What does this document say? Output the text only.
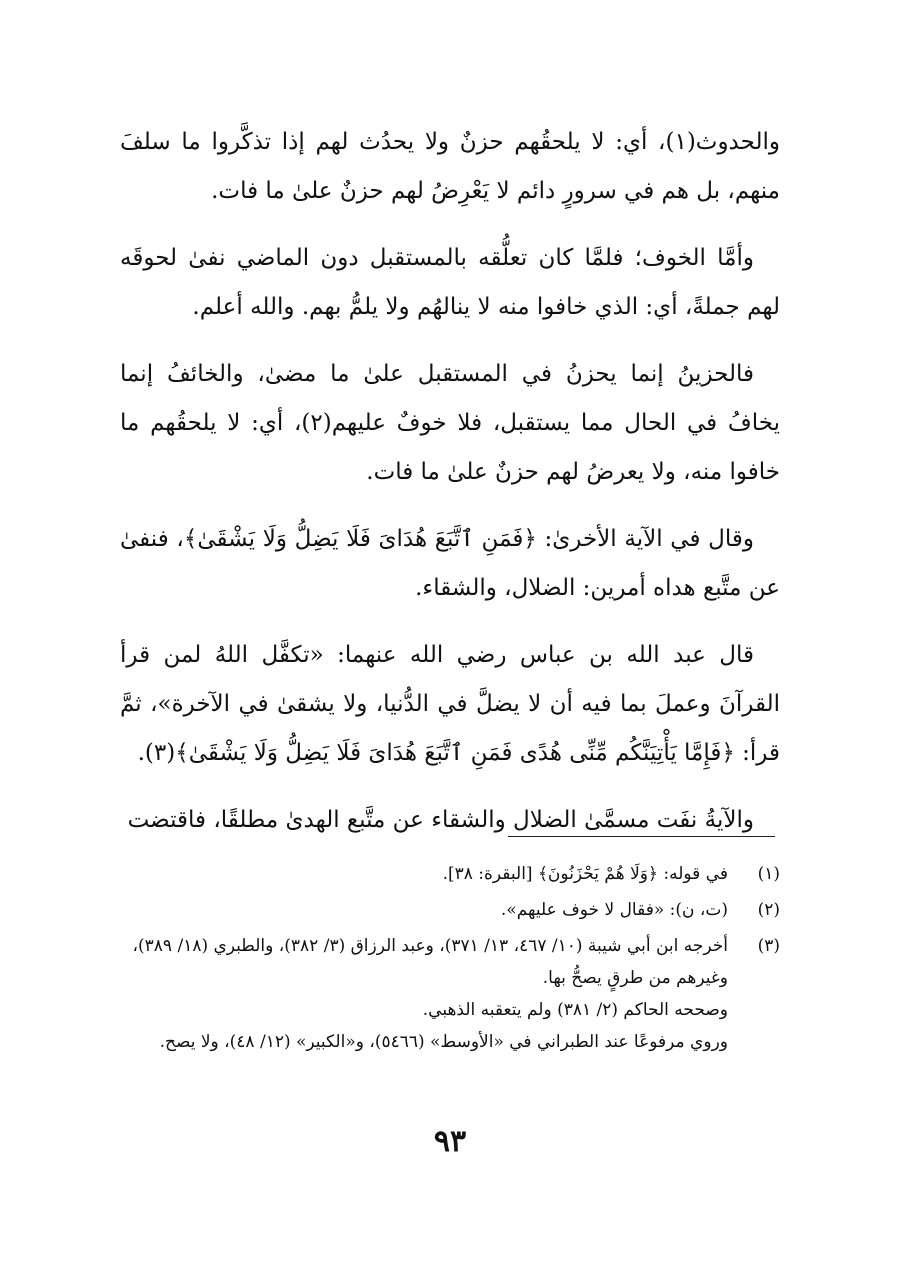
والحدوث(١)، أي: لا يلحقُهم حزنٌ ولا يحدُث لهم إذا تذكَّروا ما سلفَ منهم، بل هم في سرورٍ دائم لا يَعْرِضُ لهم حزنٌ علىٰ ما فات.

وأمَّا الخوف؛ فلمَّا كان تعلُّقه بالمستقبل دون الماضي نفىٰ لحوقَه لهم جملةً، أي: الذي خافوا منه لا ينالهُم ولا يلمُّ بهم. والله أعلم.

فالحزينُ إنما يحزنُ في المستقبل علىٰ ما مضىٰ، والخائفُ إنما يخافُ في الحال مما يستقبل، فلا خوفٌ عليهم(٢)، أي: لا يلحقُهم ما خافوا منه، ولا يعرضُ لهم حزنٌ علىٰ ما فات.

وقال في الآية الأخرىٰ: ﴿فَمَنِ ٱتَّبَعَ هُدَاىَ فَلَا يَضِلُّ وَلَا يَشْقَىٰ﴾، فنفىٰ عن متَّبع هداه أمرين: الضلال، والشقاء.

قال عبد الله بن عباس رضي الله عنهما: «تكفَّل اللهُ لمن قرأ القرآنَ وعملَ بما فيه أن لا يضلَّ في الدُّنيا، ولا يشقىٰ في الآخرة»، ثمَّ قرأ: ﴿فَإِمَّا يَأْتِيَنَّكُم مِّنِّى هُدًى فَمَنِ ٱتَّبَعَ هُدَاىَ فَلَا يَضِلُّ وَلَا يَشْقَىٰ﴾(٣).

والآيةُ نفَت مسمَّىٰ الضلال والشقاء عن متَّبع الهدىٰ مطلقًا، فاقتضت

(١)
في قوله: ﴿وَلَا هُمْ يَحْزَنُونَ﴾ [البقرة: ٣٨].
(٢)
(ت، ن): «فقال لا خوف عليهم».
(٣)
أخرجه ابن أبي شيبة (١٠/ ٤٦٧، ١٣/ ٣٧١)، وعبد الرزاق (٣/ ٣٨٢)، والطبري (١٨/ ٣٨٩)، وغيرهم من طرقٍ يصحُّ بها.
وصححه الحاكم (٢/ ٣٨١) ولم يتعقبه الذهبي.
وروي مرفوعًا عند الطبراني في «الأوسط» (٥٤٦٦)، و«الكبير» (١٢/ ٤٨)، ولا يصح.
٩٣
